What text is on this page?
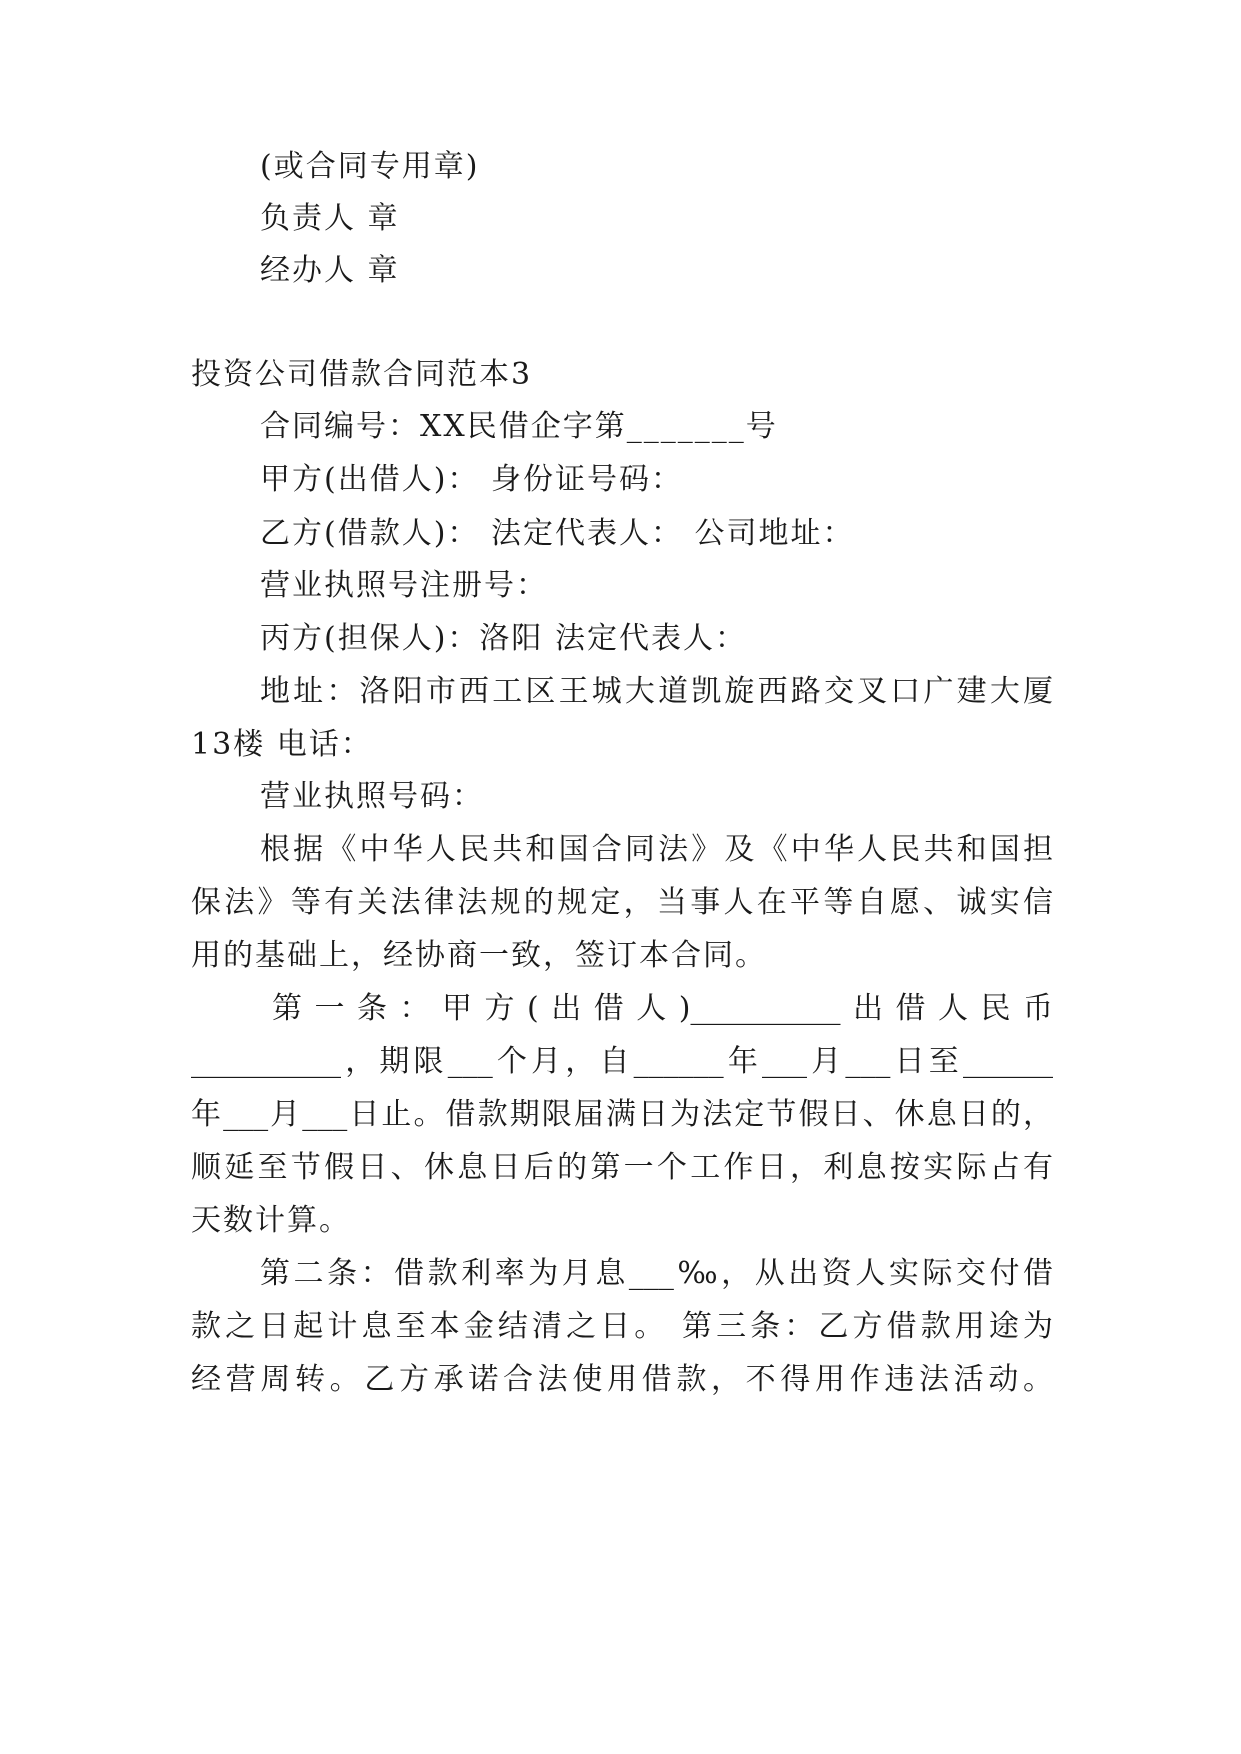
(或合同专用章)

负责人 章

经办人 章

投资公司借款合同范本3

合同编号：XX民借企字第_______号

甲方(出借人)： 身份证号码：

乙方(借款人)： 法定代表人： 公司地址：

营业执照号注册号：

丙方(担保人)：洛阳 法定代表人：

地址：洛阳市西工区王城大道凯旋西路交叉口广建大厦

13楼 电话：

营业执照号码：

根据《中华人民共和国合同法》及《中华人民共和国担

保法》等有关法律法规的规定，当事人在平等自愿、诚实信

用的基础上，经协商一致，签订本合同。

第一条：甲方(出借人)__________出借人民币

__________，期限___个月，自______年___月___日至______

年___月___日止。借款期限届满日为法定节假日、休息日的，

顺延至节假日、休息日后的第一个工作日，利息按实际占有

天数计算。

第二条：借款利率为月息___‰，从出资人实际交付借

款之日起计息至本金结清之日。 第三条：乙方借款用途为

经营周转。乙方承诺合法使用借款，不得用作违法活动。
